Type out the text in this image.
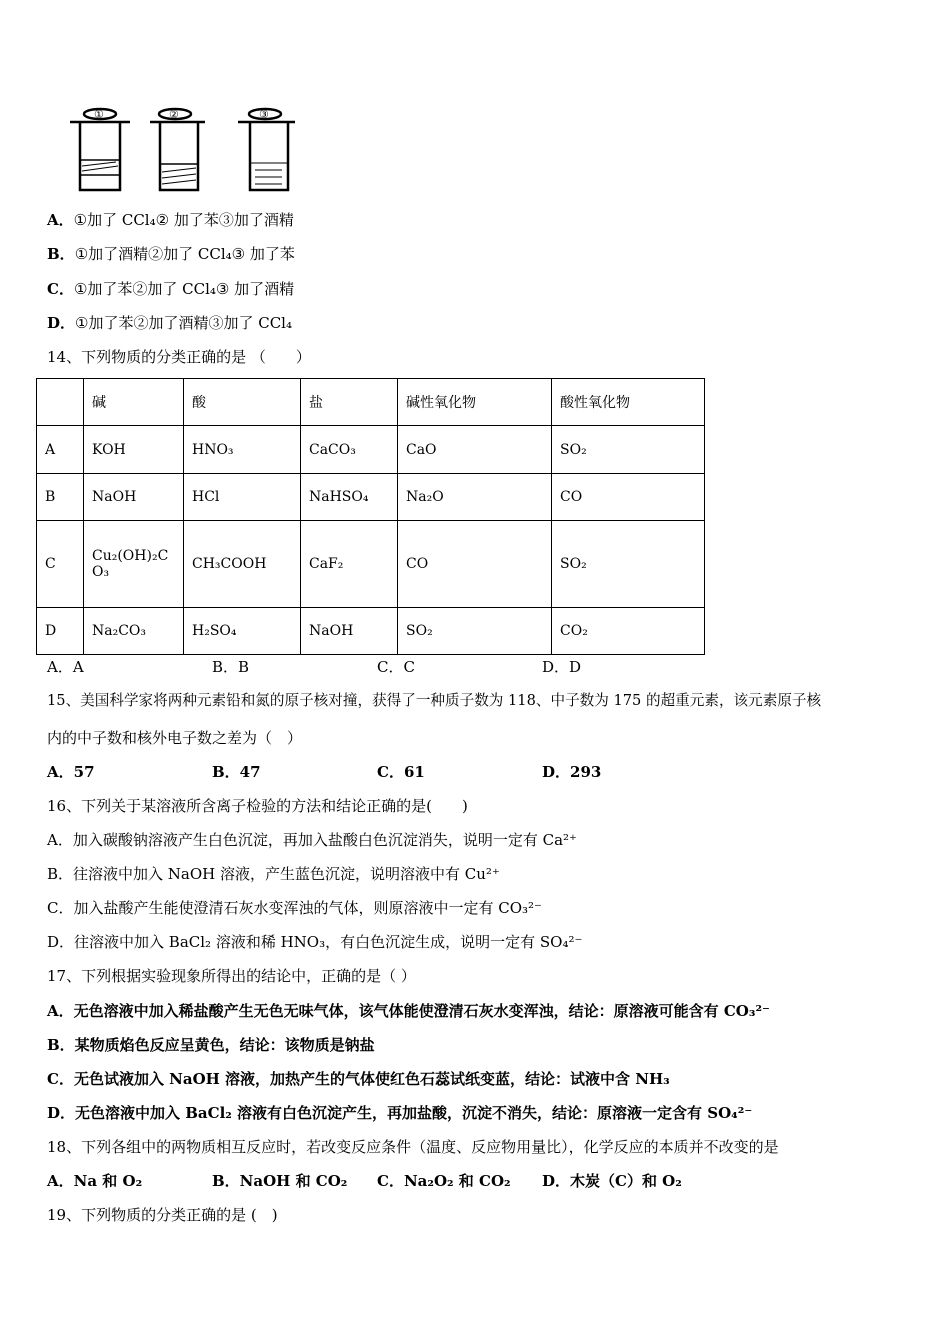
①	②	③
A．①加了 CCl₄② 加了苯③加了酒精
B．①加了酒精②加了 CCl₄③ 加了苯
C．①加了苯②加了 CCl₄③ 加了酒精
D．①加了苯②加了酒精③加了 CCl₄
14、下列物质的分类正确的是 （　　）
	碱	酸	盐	碱性氧化物	酸性氧化物
A	KOH	HNO₃	CaCO₃	CaO	SO₂
B	NaOH	HCl	NaHSO₄	Na₂O	CO
C	Cu₂(OH)₂CO₃	CH₃COOH	CaF₂	CO	SO₂
D	Na₂CO₃	H₂SO₄	NaOH	SO₂	CO₂
A．A	B．B	C．C	D．D
15、美国科学家将两种元素铅和氮的原子核对撞，获得了一种质子数为 118、中子数为 175 的超重元素，该元素原子核
内的中子数和核外电子数之差为（　）
A．57	B．47	C．61	D．293
16、下列关于某溶液所含离子检验的方法和结论正确的是(　　)
A．加入碳酸钠溶液产生白色沉淀，再加入盐酸白色沉淀消失，说明一定有 Ca²⁺
B．往溶液中加入 NaOH 溶液，产生蓝色沉淀，说明溶液中有 Cu²⁺
C．加入盐酸产生能使澄清石灰水变浑浊的气体，则原溶液中一定有 CO₃²⁻
D．往溶液中加入 BaCl₂ 溶液和稀 HNO₃，有白色沉淀生成，说明一定有 SO₄²⁻
17、下列根据实验现象所得出的结论中，正确的是（ ）
A．无色溶液中加入稀盐酸产生无色无味气体，该气体能使澄清石灰水变浑浊，结论：原溶液可能含有 CO₃²⁻
B．某物质焰色反应呈黄色，结论：该物质是钠盐
C．无色试液加入 NaOH 溶液，加热产生的气体使红色石蕊试纸变蓝，结论：试液中含 NH₃
D．无色溶液中加入 BaCl₂ 溶液有白色沉淀产生，再加盐酸，沉淀不消失，结论：原溶液一定含有 SO₄²⁻
18、下列各组中的两物质相互反应时，若改变反应条件（温度、反应物用量比），化学反应的本质并不改变的是
A．Na 和 O₂	B．NaOH 和 CO₂ C．Na₂O₂ 和 CO₂ D．木炭（C）和 O₂
19、下列物质的分类正确的是 (　)
